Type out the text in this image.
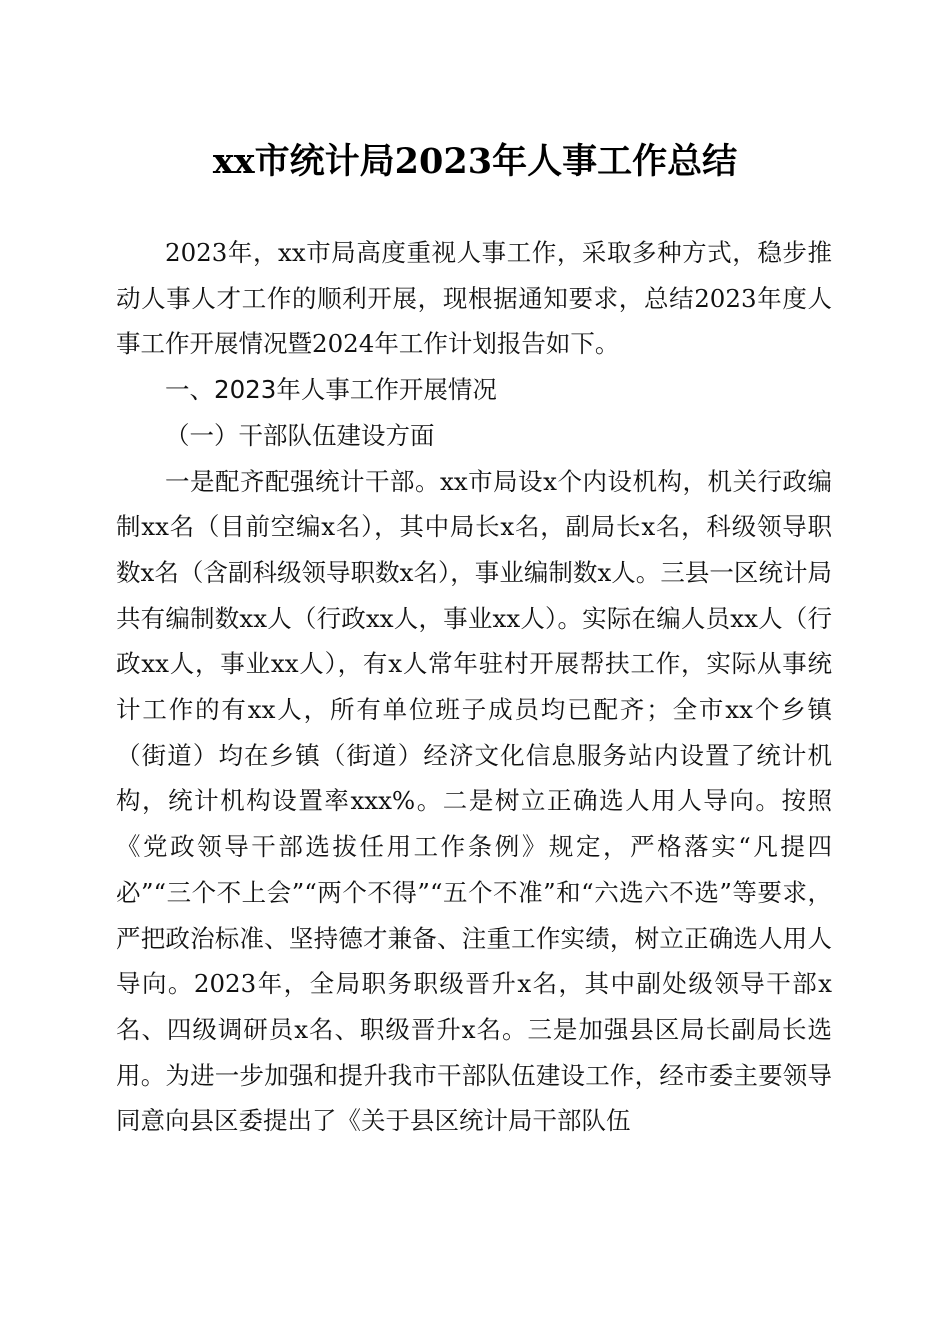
xx市统计局2023年人事工作总结

2023年，xx市局高度重视人事工作，采取多种方式，稳步推动人事人才工作的顺利开展，现根据通知要求，总结2023年度人事工作开展情况暨2024年工作计划报告如下。

一、2023年人事工作开展情况

（一）干部队伍建设方面

一是配齐配强统计干部。xx市局设x个内设机构，机关行政编制xx名（目前空编x名），其中局长x名，副局长x名，科级领导职数x名（含副科级领导职数x名），事业编制数x人。三县一区统计局共有编制数xx人（行政xx人，事业xx人）。实际在编人员xx人（行政xx人，事业xx人），有x人常年驻村开展帮扶工作，实际从事统计工作的有xx人，所有单位班子成员均已配齐；全市xx个乡镇（街道）均在乡镇（街道）经济文化信息服务站内设置了统计机构，统计机构设置率xxx%。二是树立正确选人用人导向。按照《党政领导干部选拔任用工作条例》规定，严格落实“凡提四必”“三个不上会”“两个不得”“五个不准”和“六选六不选”等要求，严把政治标准、坚持德才兼备、注重工作实绩，树立正确选人用人导向。2023年，全局职务职级晋升x名，其中副处级领导干部x名、四级调研员x名、职级晋升x名。三是加强县区局长副局长选用。为进一步加强和提升我市干部队伍建设工作，经市委主要领导同意向县区委提出了《关于县区统计局干部队伍
